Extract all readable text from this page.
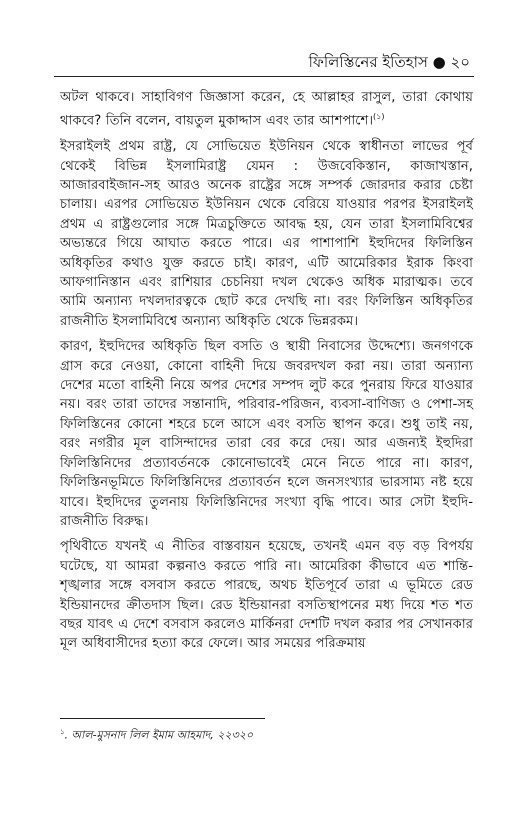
ফিলিস্তিনের ইতিহাস ● ২০

অটল থাকবে। সাহাবিগণ জিজ্ঞাসা করেন, হে আল্লাহর রাসুল, তারা কোথায় থাকবে? তিনি বলেন, বায়তুল মুকাদ্দাস এবং তার আশপাশে।$^{(১)}$

ইসরাইলই প্রথম রাষ্ট্র, যে সোভিয়েত ইউনিয়ন থেকে স্বাধীনতা লাভের পূর্ব থেকেই বিভিন্ন ইসলামিরাষ্ট্র যেমন : উজবেকিস্তান, কাজাখস্তান, আজারবাইজান-সহ আরও অনেক রাষ্ট্রের সঙ্গে সম্পর্ক জোরদার করার চেষ্টা চালায়। এরপর সোভিয়েত ইউনিয়ন থেকে বেরিয়ে যাওয়ার পরপর ইসরাইলই প্রথম এ রাষ্ট্রগুলোর সঙ্গে মিত্রচুক্তিতে আবদ্ধ হয়, যেন তারা ইসলামিবিশ্বের অভ্যন্তরে গিয়ে আঘাত করতে পারে। এর পাশাপাশি ইহুদিদের ফিলিস্তিন অধিকৃতির কথাও যুক্ত করতে চাই। কারণ, এটি আমেরিকার ইরাক কিংবা আফগানিস্তান এবং রাশিয়ার চেচনিয়া দখল থেকেও অধিক মারাত্মক। তবে আমি অন্যান্য দখলদারত্বকে ছোট করে দেখছি না। বরং ফিলিস্তিন অধিকৃতির রাজনীতি ইসলামিবিশ্বে অন্যান্য অধিকৃতি থেকে ভিন্নরকম।

কারণ, ইহুদিদের অধিকৃতি ছিল বসতি ও স্থায়ী নিবাসের উদ্দেশ্যে। জনগণকে গ্রাস করে নেওয়া, কোনো বাহিনী দিয়ে জবরদখল করা নয়। তারা অন্যান্য দেশের মতো বাহিনী নিয়ে অপর দেশের সম্পদ লুট করে পুনরায় ফিরে যাওয়ার নয়। বরং তারা তাদের সন্তানাদি, পরিবার-পরিজন, ব্যবসা-বাণিজ্য ও পেশা-সহ ফিলিস্তিনের কোনো শহরে চলে আসে এবং বসতি স্থাপন করে। শুধু তাই নয়, বরং নগরীর মূল বাসিন্দাদের তারা বের করে দেয়। আর এজন্যই ইহুদিরা ফিলিস্তিনিদের প্রত্যাবর্তনকে কোনোভাবেই মেনে নিতে পারে না। কারণ, ফিলিস্তিনভূমিতে ফিলিস্তিনিদের প্রত্যাবর্তন হলে জনসংখ্যার ভারসাম্য নষ্ট হয়ে যাবে। ইহুদিদের তুলনায় ফিলিস্তিনিদের সংখ্যা বৃদ্ধি পাবে। আর সেটা ইহুদি-রাজনীতি বিরুদ্ধ।

পৃথিবীতে যখনই এ নীতির বাস্তবায়ন হয়েছে, তখনই এমন বড় বড় বিপর্যয় ঘটেছে, যা আমরা কল্পনাও করতে পারি না। আমেরিকা কীভাবে এত শান্তি-শৃঙ্খলার সঙ্গে বসবাস করতে পারছে, অথচ ইতিপূর্বে তারা এ ভূমিতে রেড ইন্ডিয়ানদের ক্রীতদাস ছিল। রেড ইন্ডিয়ানরা বসতিস্থাপনের মধ্য দিয়ে শত শত বছর যাবৎ এ দেশে বসবাস করলেও মার্কিনরা দেশটি দখল করার পর সেখানকার মূল অধিবাসীদের হত্যা করে ফেলে। আর সময়ের পরিক্রমায়

$^১$. আল-মুসনাদ লিল ইমাম আহমাদ, ২২৩২০
